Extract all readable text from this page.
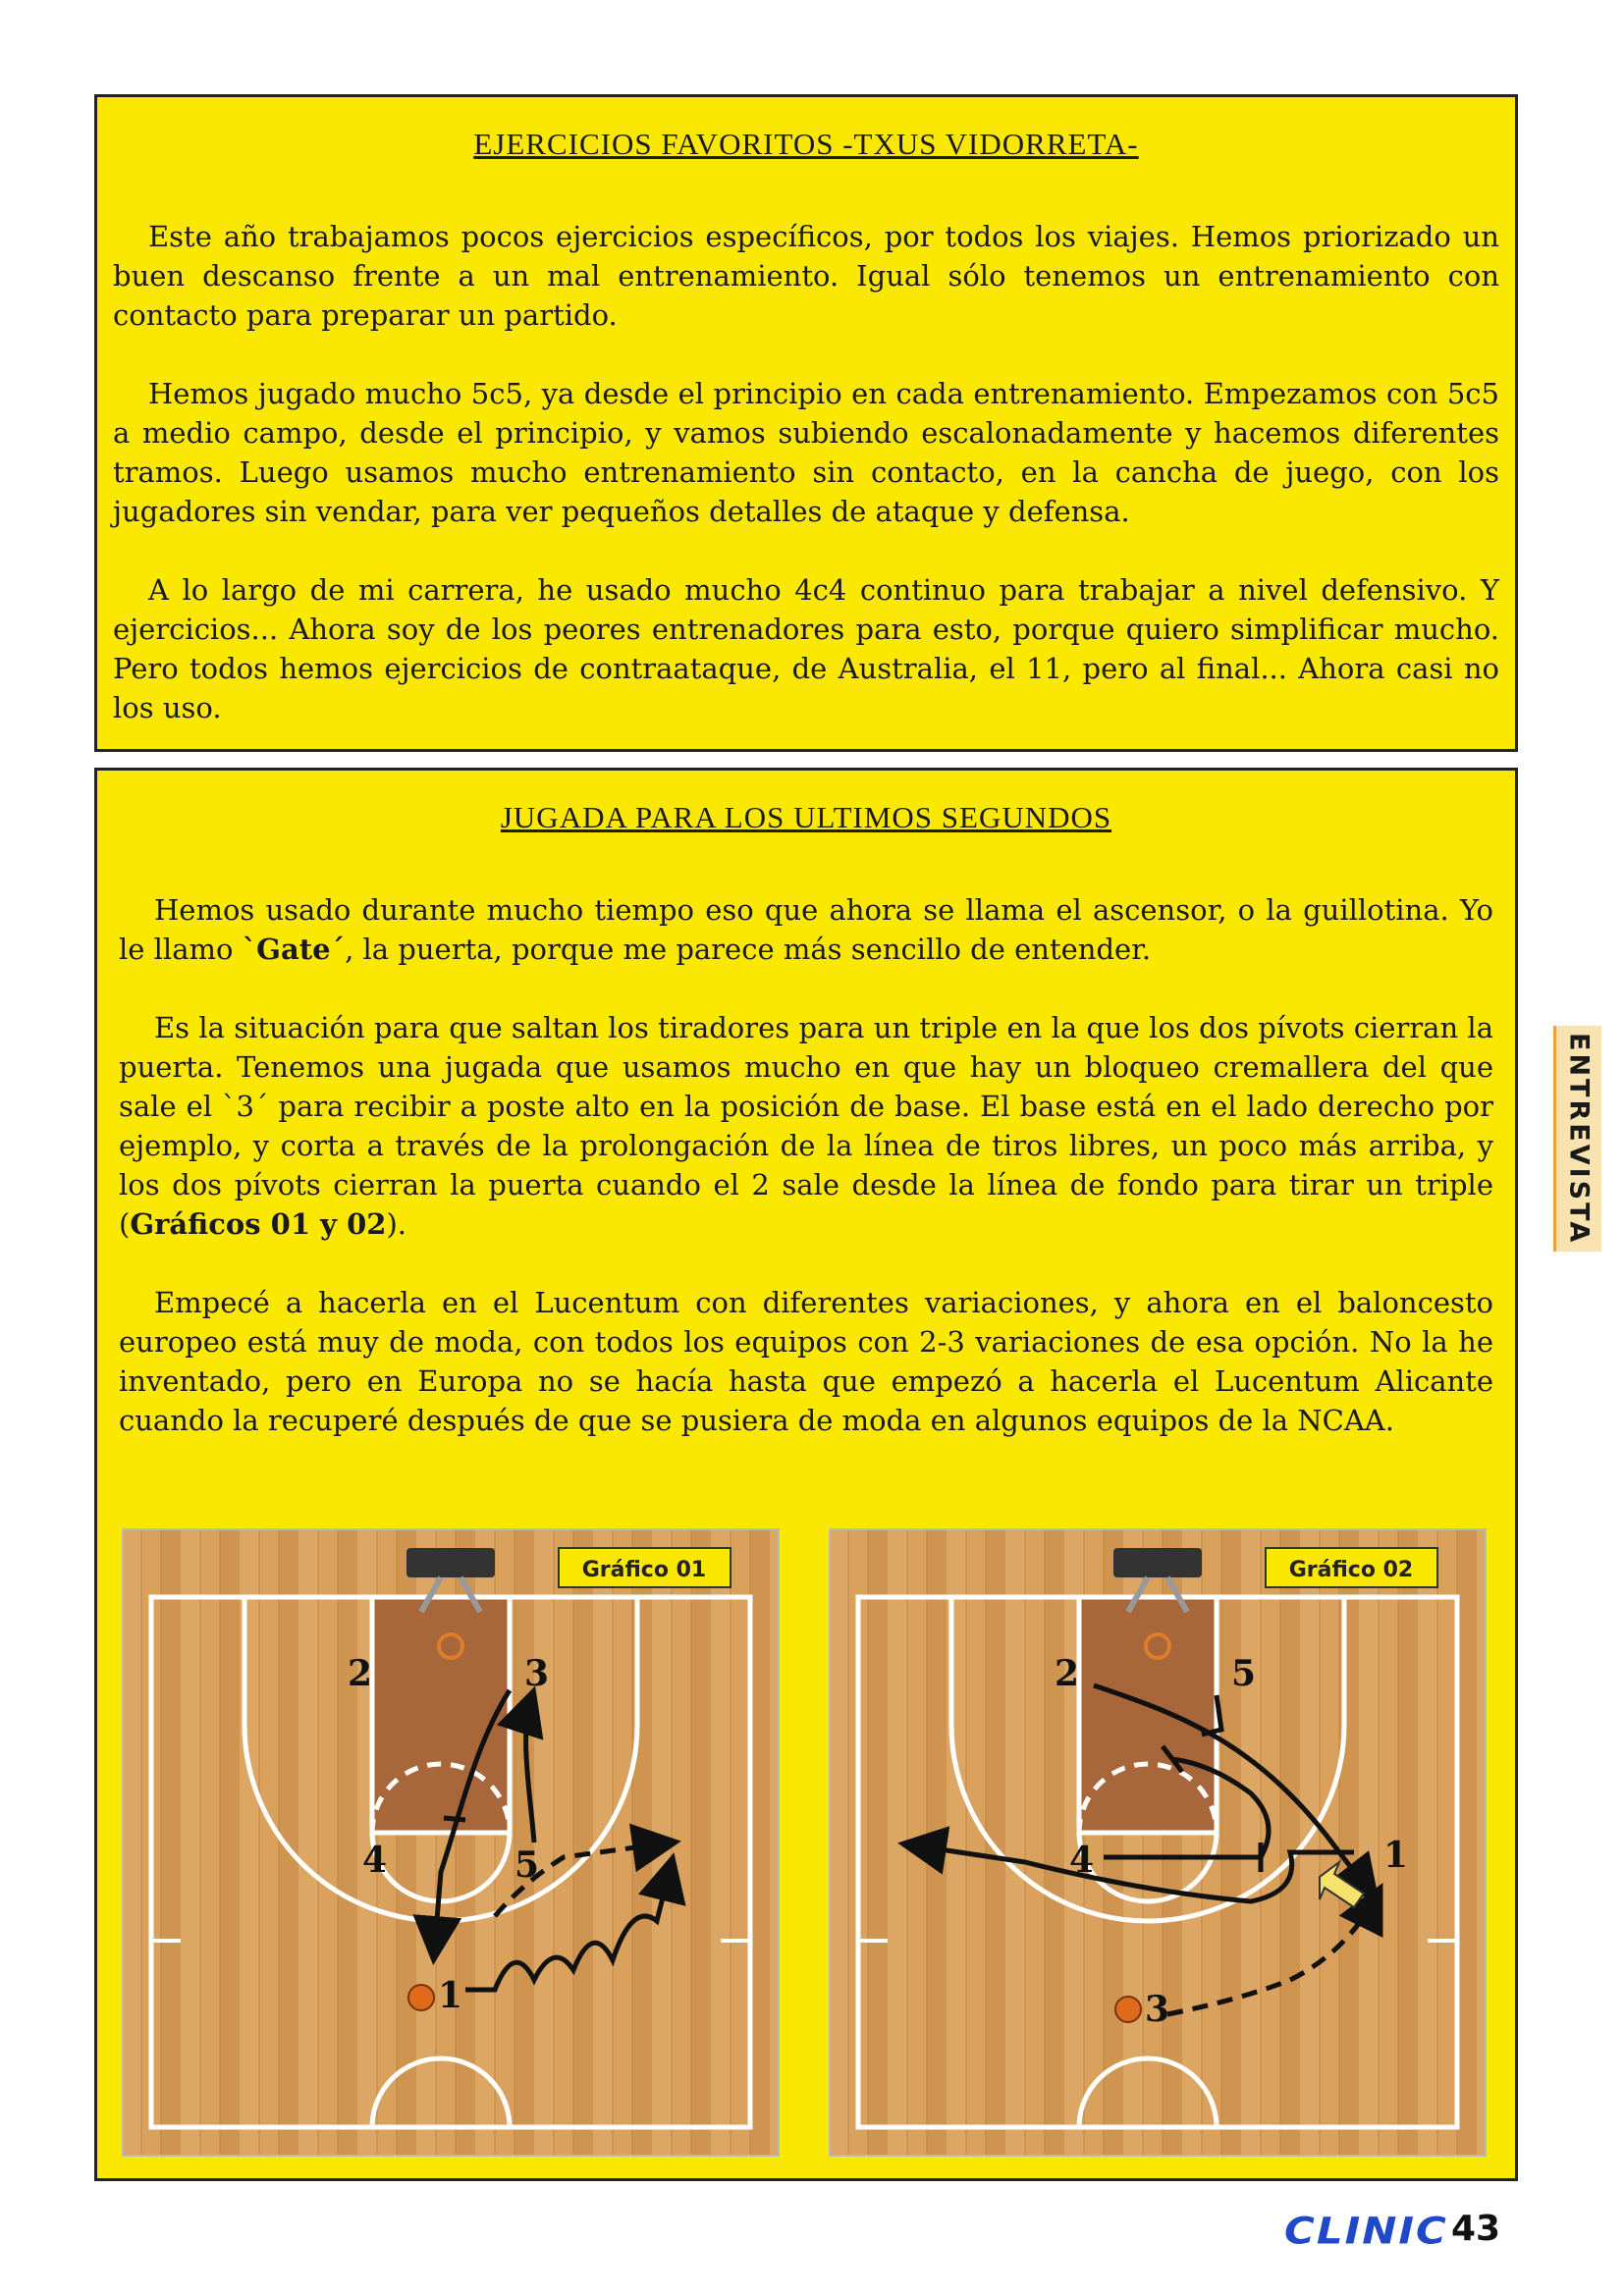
EJERCICIOS FAVORITOS -TXUS VIDORRETA-

Este año trabajamos pocos ejercicios específicos, por todos los viajes. Hemos priorizado un buen descanso frente a un mal entrenamiento. Igual sólo tenemos un entrenamiento con contacto para preparar un partido.

Hemos jugado mucho 5c5, ya desde el principio en cada entrenamiento. Empezamos con 5c5 a medio campo, desde el principio, y vamos subiendo escalonadamente y hacemos diferentes tramos. Luego usamos mucho entrenamiento sin contacto, en la cancha de juego, con los jugadores sin vendar, para ver pequeños detalles de ataque y defensa.

A lo largo de mi carrera, he usado mucho 4c4 continuo para trabajar a nivel defensivo. Y ejercicios... Ahora soy de los peores entrenadores para esto, porque quiero simplificar mucho. Pero todos hemos ejercicios de contraataque, de Australia, el 11, pero al final... Ahora casi no los uso.

JUGADA PARA LOS ULTIMOS SEGUNDOS

Hemos usado durante mucho tiempo eso que ahora se llama el ascensor, o la guillotina. Yo le llamo `Gate´, la puerta, porque me parece más sencillo de entender.

Es la situación para que saltan los tiradores para un triple en la que los dos pívots cierran la puerta. Tenemos una jugada que usamos mucho en que hay un bloqueo cremallera del que sale el `3´ para recibir a poste alto en la posición de base. El base está en el lado derecho por ejemplo, y corta a través de la prolongación de la línea de tiros libres, un poco más arriba, y los dos pívots cierran la puerta cuando el 2 sale desde la línea de fondo para tirar un triple (Gráficos 01 y 02).

Empecé a hacerla en el Lucentum con diferentes variaciones, y ahora en el baloncesto europeo está muy de moda, con todos los equipos con 2-3 variaciones de esa opción. No la he inventado, pero en Europa no se hacía hasta que empezó a hacerla el Lucentum Alicante cuando la recuperé después de que se pusiera de moda en algunos equipos de la NCAA.

Gráfico 01
2	3
4	5
1
Gráfico 02
2	5
4	1
3
ENTREVISTA
CLINIC 43
